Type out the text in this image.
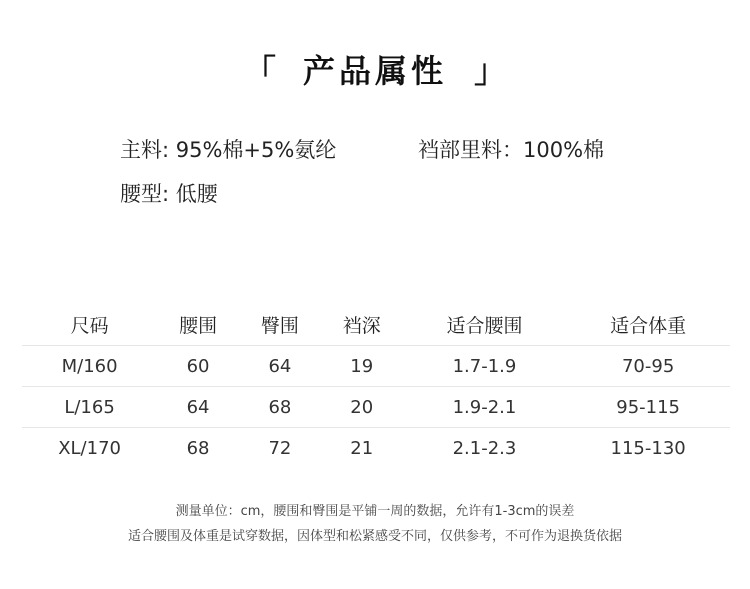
「 产品属性 」
主料: 95%棉+5%氨纶	裆部里料：100%棉
腰型: 低腰
尺码	腰围	臀围	裆深	适合腰围	适合体重
M/160	60	64	19	1.7-1.9	70-95
L/165	64	68	20	1.9-2.1	95-115
XL/170	68	72	21	2.1-2.3	115-130
测量单位：cm，腰围和臀围是平铺一周的数据，允许有1-3cm的误差
适合腰围及体重是试穿数据，因体型和松紧感受不同，仅供参考，不可作为退换货依据
